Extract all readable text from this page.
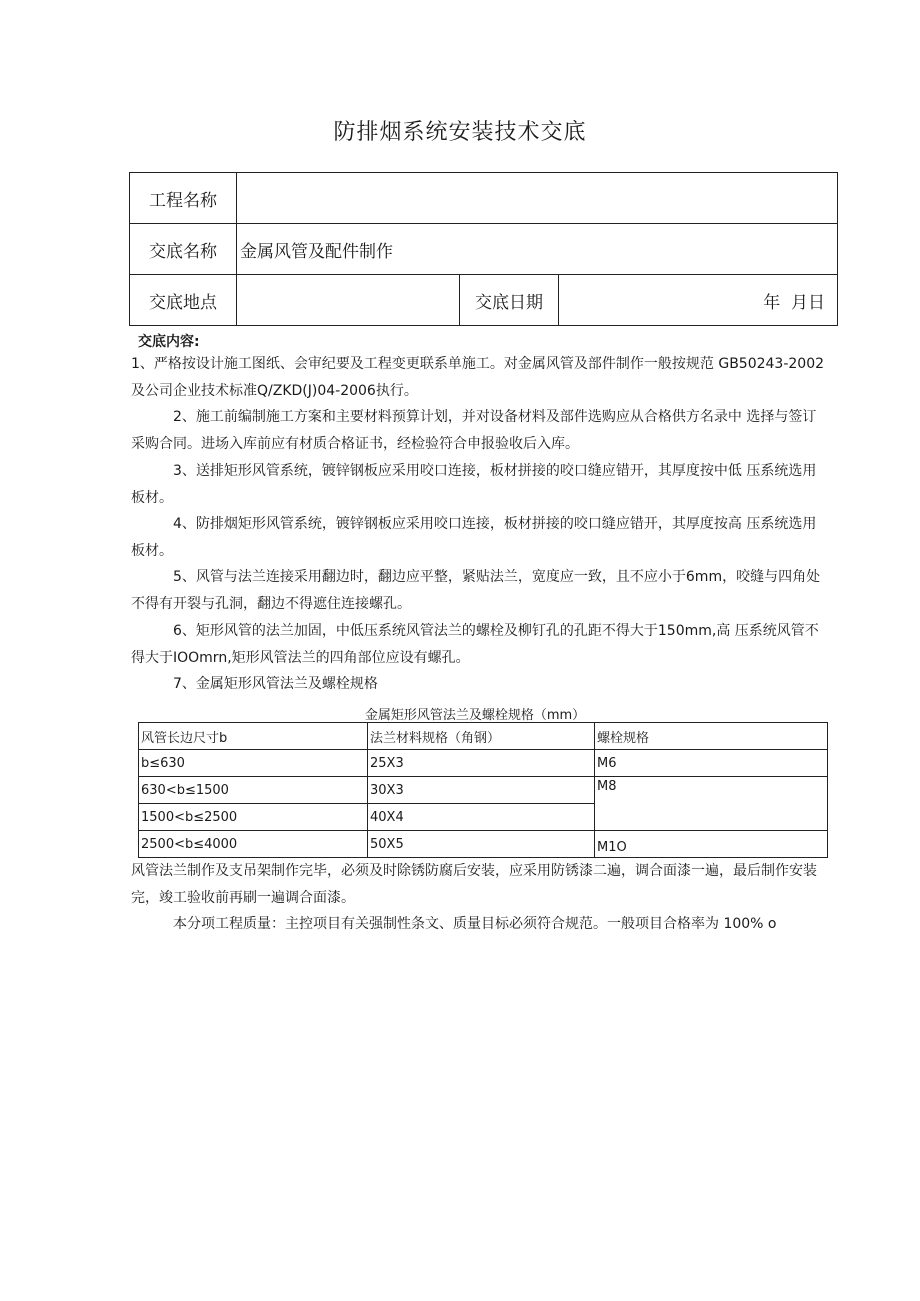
防排烟系统安装技术交底
工程名称			
交底名称	金属风管及配件制作		
交底地点		交底日期	年  月日
交底内容:

1、严格按设计施工图纸、会审纪要及工程变更联系单施工。对金属风管及部件制作一般按规范 GB50243-2002及公司企业技术标准Q/ZKD(J)04-2006执行。

2、施工前编制施工方案和主要材料预算计划，并对设备材料及部件选购应从合格供方名录中 选择与签订采购合同。进场入库前应有材质合格证书，经检验符合申报验收后入库。

3、送排矩形风管系统，镀锌钢板应采用咬口连接，板材拼接的咬口缝应错开，其厚度按中低 压系统选用板材。

4、防排烟矩形风管系统，镀锌钢板应采用咬口连接，板材拼接的咬口缝应错开，其厚度按高 压系统选用板材。

5、风管与法兰连接采用翻边时，翻边应平整，紧贴法兰，宽度应一致，且不应小于6mm，咬缝与四角处不得有开裂与孔洞，翻边不得遮住连接螺孔。

6、矩形风管的法兰加固，中低压系统风管法兰的螺栓及柳钉孔的孔距不得大于150mm,高 压系统风管不得大于IOOmrn,矩形风管法兰的四角部位应设有螺孔。

7、金属矩形风管法兰及螺栓规格

金属矩形风管法兰及螺栓规格（mm）
风管长边尺寸b	法兰材料规格（角钢）	螺栓规格
b≤630	25X3	M6
630<b≤1500	30X3	M8
1500<b≤2500	40X4	
2500<b≤4000	50X5	M1O

风管法兰制作及支吊架制作完毕，必须及时除锈防腐后安装，应采用防锈漆二遍，调合面漆一遍，最后制作安装完，竣工验收前再刷一遍调合面漆。

本分项工程质量：主控项目有关强制性条文、质量目标必须符合规范。一般项目合格率为 100% o
